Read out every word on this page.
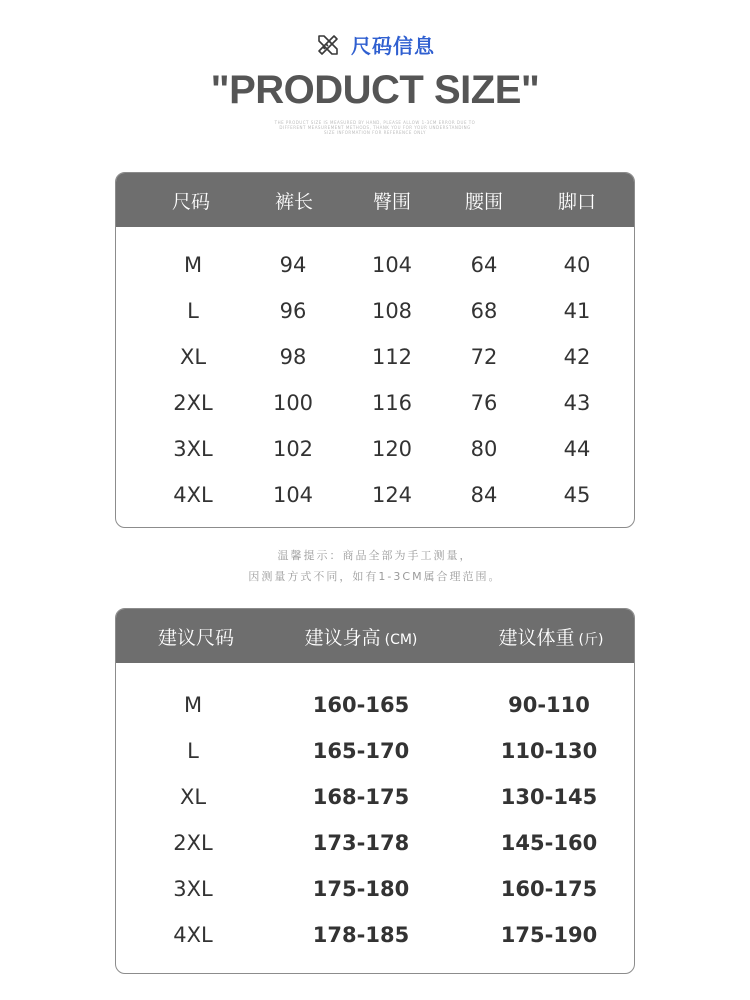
尺码信息
"PRODUCT SIZE"
THE PRODUCT SIZE IS MEASURED BY HAND, PLEASE ALLOW 1-3CM ERROR DUE TO
DIFFERENT MEASUREMENT METHODS, THANK YOU FOR YOUR UNDERSTANDING
SIZE INFORMATION FOR REFERENCE ONLY
尺码	裤长	臀围	腰围	脚口
M	94	104	64	40
L	96	108	68	41
XL	98	112	72	42
2XL	100	116	76	43
3XL	102	120	80	44
4XL	104	124	84	45
温馨提示：商品全部为手工测量，
因测量方式不同，如有1-3CM属合理范围。
建议尺码	建议身高 (CM)	建议体重 (斤)
M	160-165	90-110
L	165-170	110-130
XL	168-175	130-145
2XL	173-178	145-160
3XL	175-180	160-175
4XL	178-185	175-190
